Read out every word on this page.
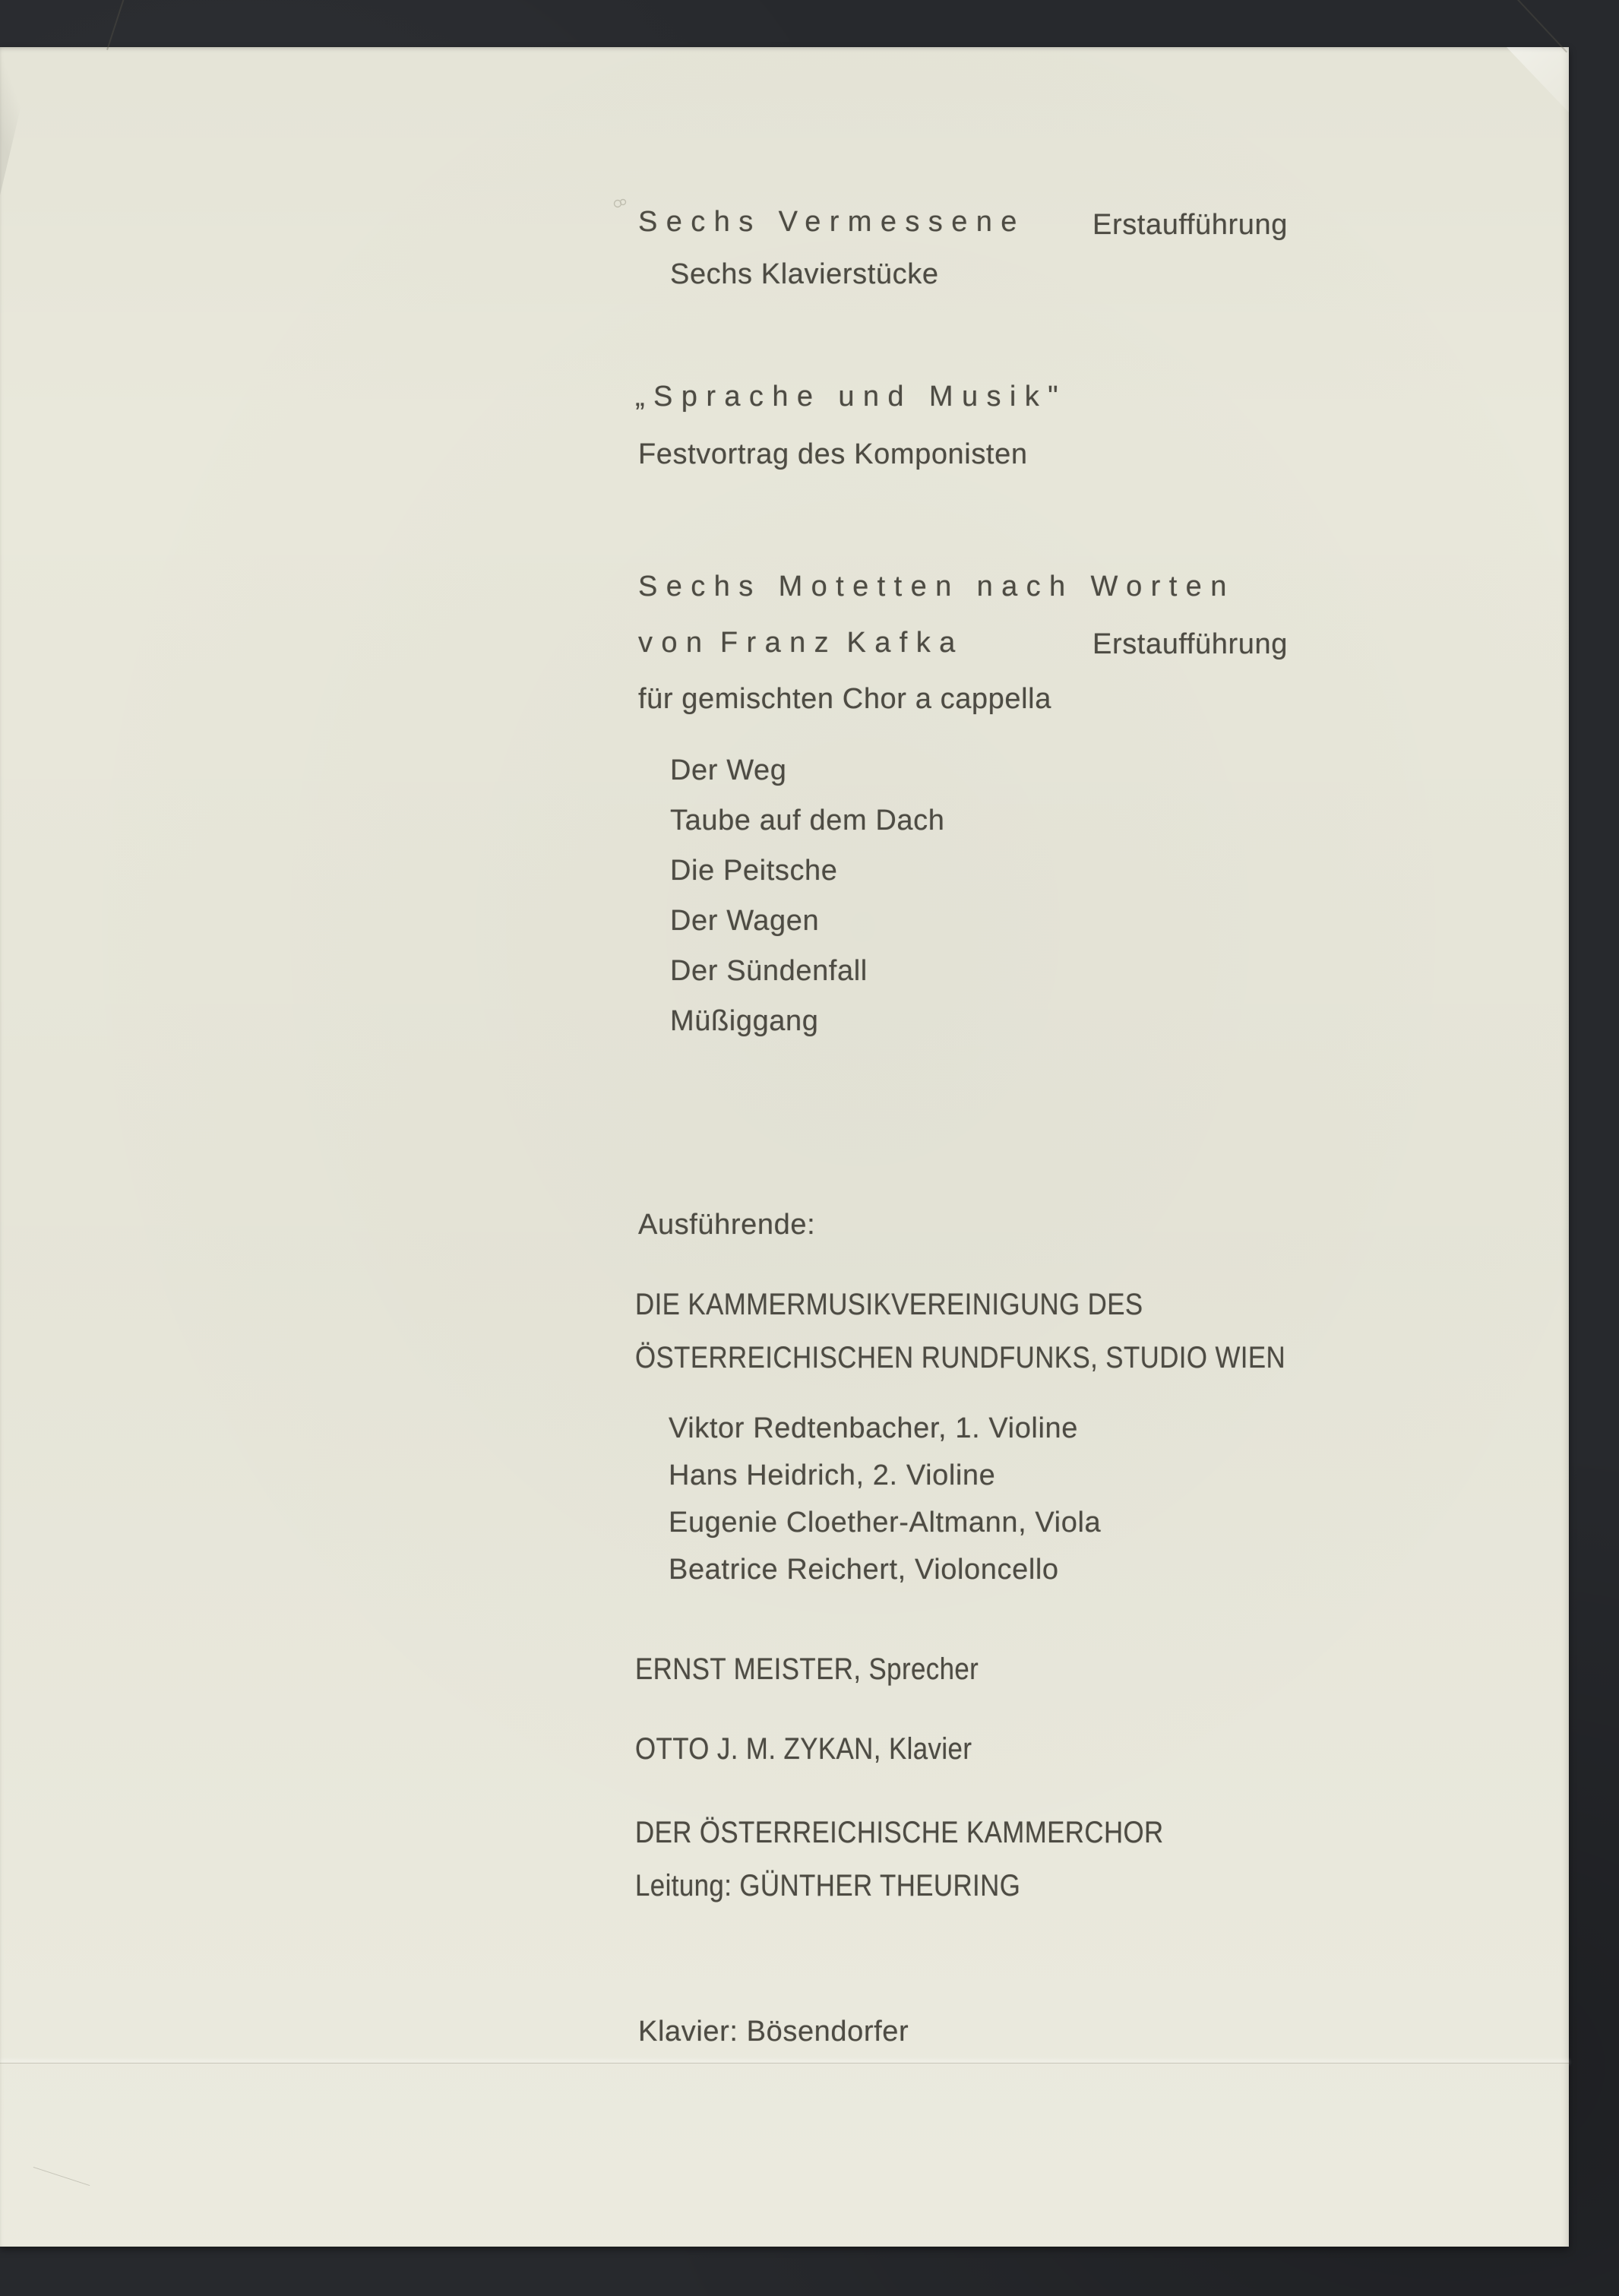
Sechs Vermessene Erstaufführung
Sechs Klavierstücke
„Sprache und Musik"
Festvortrag des Komponisten
Sechs Motetten nach Worten
von Franz Kafka	Erstaufführung
für gemischten Chor a cappella
Der Weg
Taube auf dem Dach
Die Peitsche
Der Wagen
Der Sündenfall
Müßiggang
Ausführende:
DIE KAMMERMUSIKVEREINIGUNG DES
ÖSTERREICHISCHEN RUNDFUNKS, STUDIO WIEN
Viktor Redtenbacher, 1. Violine
Hans Heidrich, 2. Violine
Eugenie Cloether-Altmann, Viola
Beatrice Reichert, Violoncello
ERNST MEISTER, Sprecher
OTTO J. M. ZYKAN, Klavier
DER ÖSTERREICHISCHE KAMMERCHOR
Leitung: GÜNTHER THEURING
Klavier: Bösendorfer
